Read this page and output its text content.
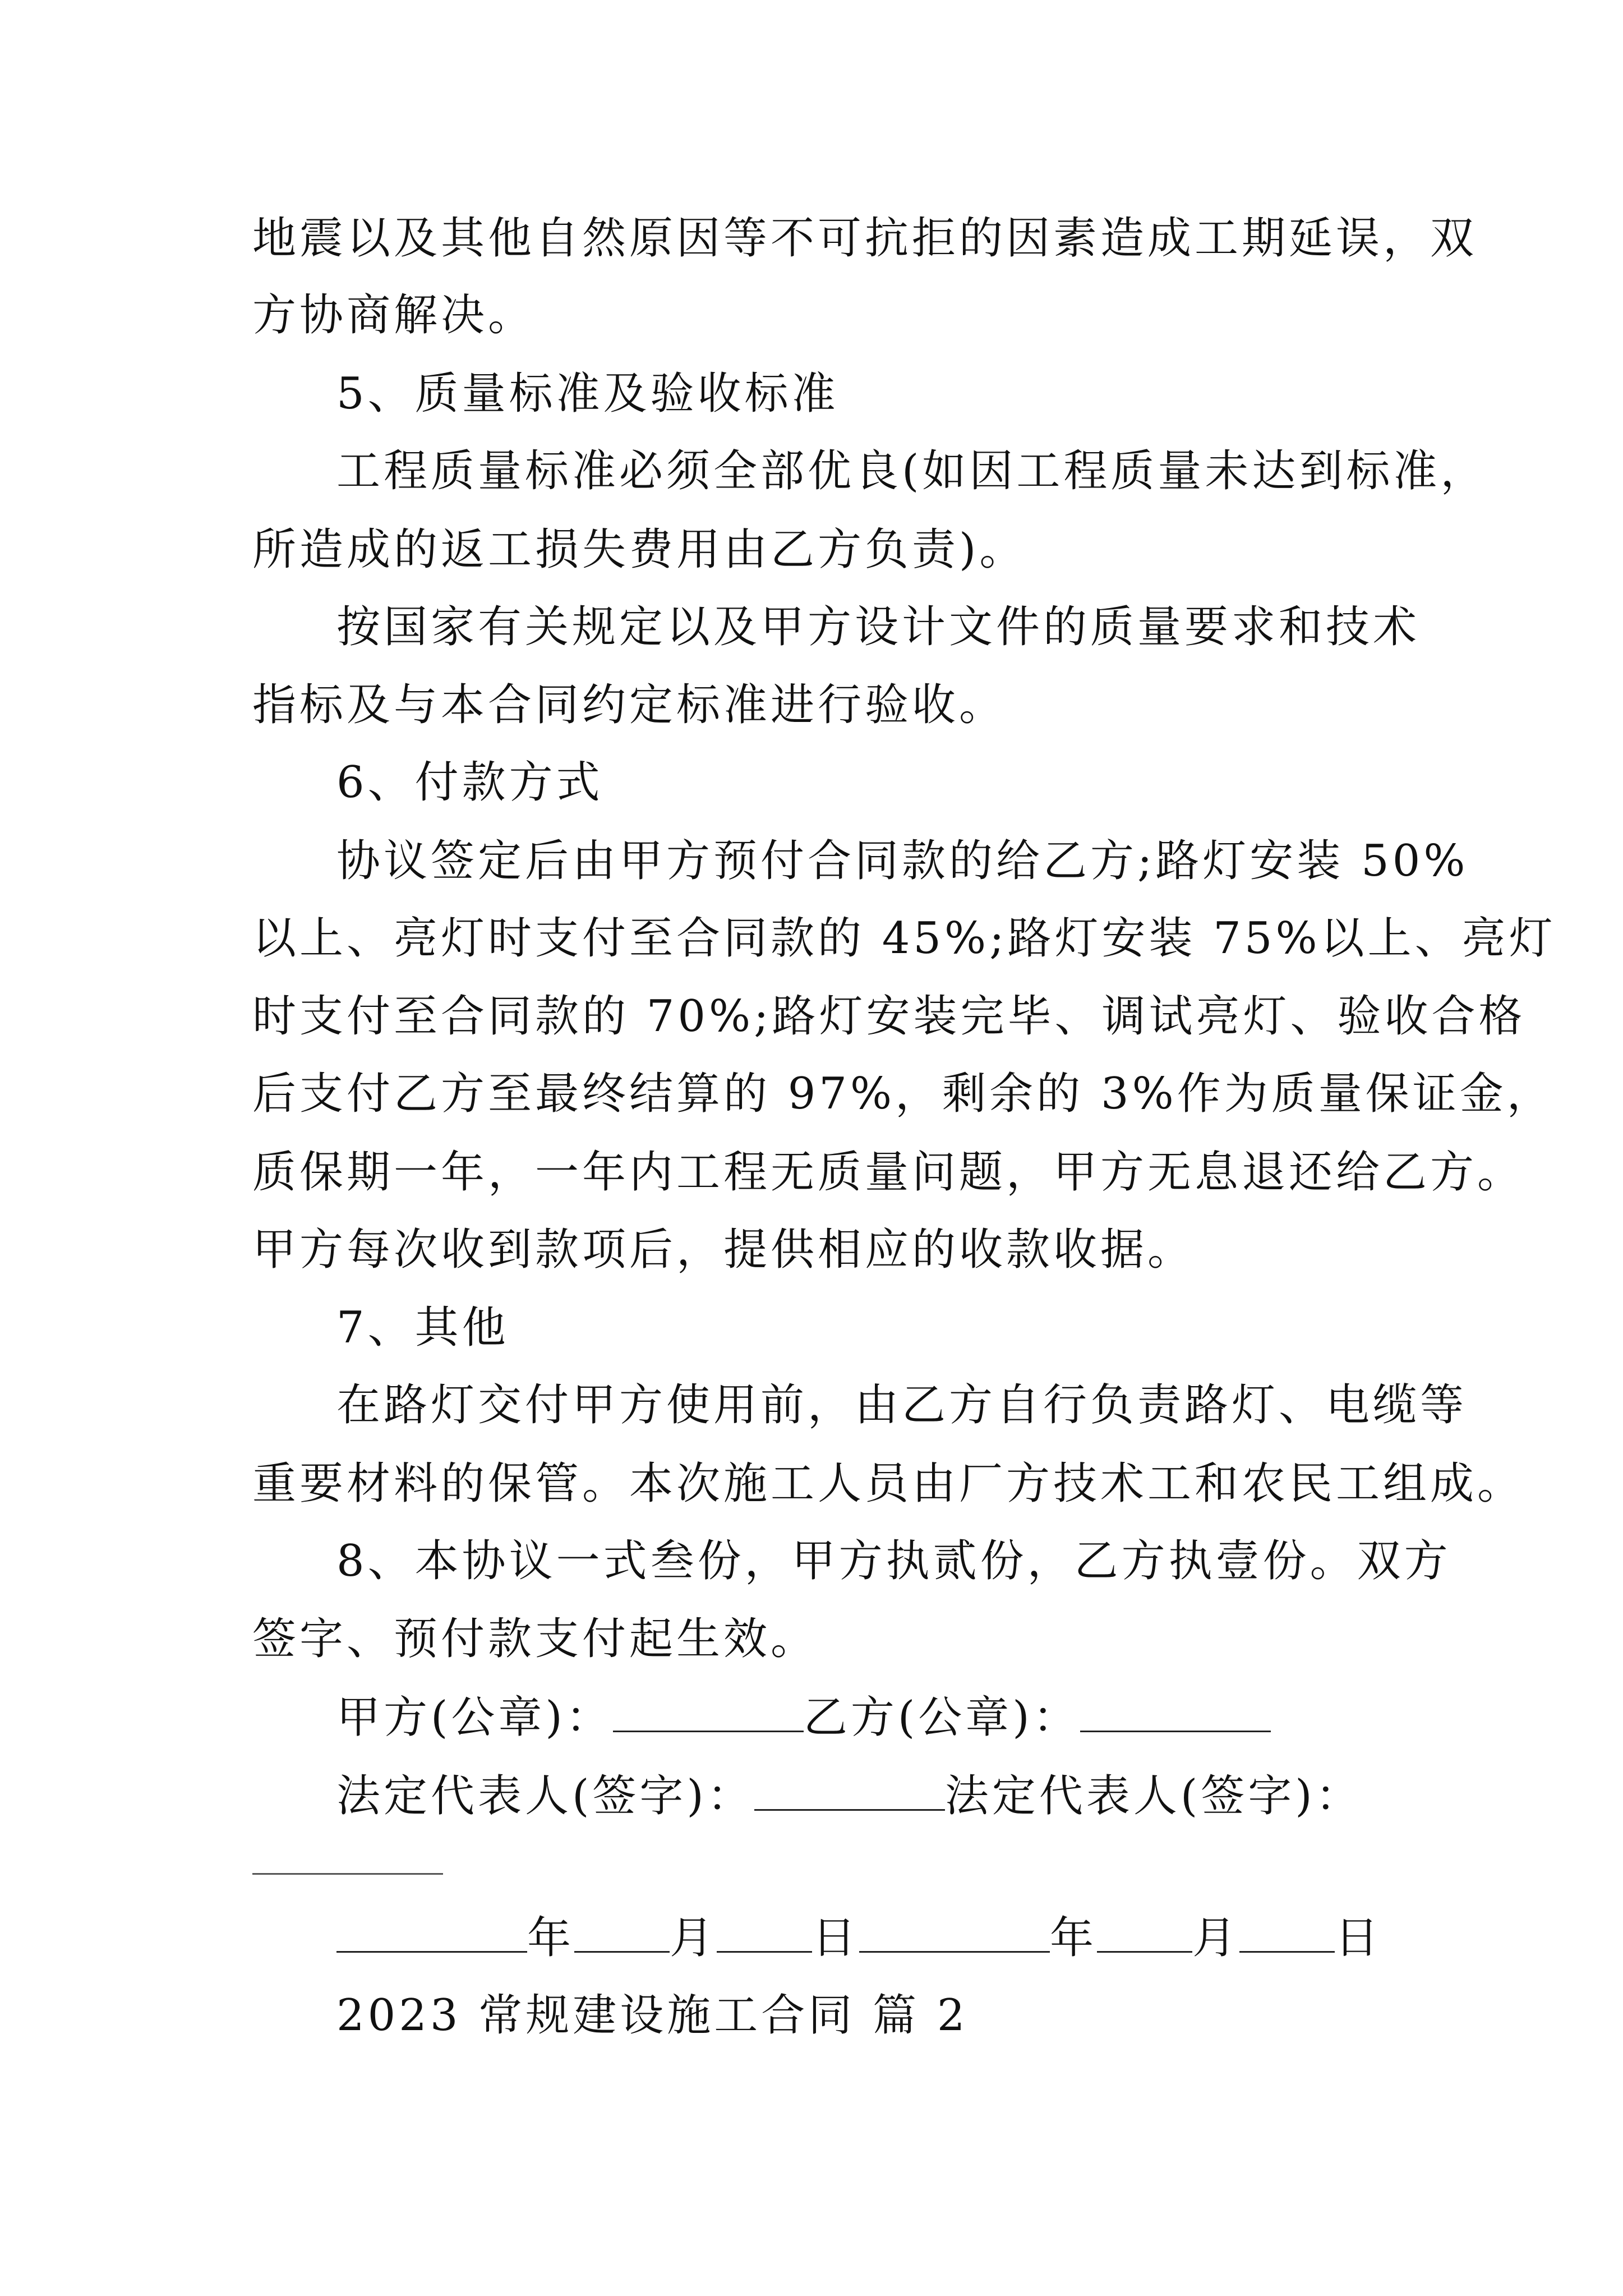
地震以及其他自然原因等不可抗拒的因素造成工期延误，双
方协商解决。
5、质量标准及验收标准
工程质量标准必须全部优良(如因工程质量未达到标准，
所造成的返工损失费用由乙方负责)。
按国家有关规定以及甲方设计文件的质量要求和技术
指标及与本合同约定标准进行验收。
6、付款方式
协议签定后由甲方预付合同款的给乙方;路灯安装 50%
以上、亮灯时支付至合同款的 45%;路灯安装 75%以上、亮灯
时支付至合同款的 70%;路灯安装完毕、调试亮灯、验收合格
后支付乙方至最终结算的 97%，剩余的 3%作为质量保证金，
质保期一年，一年内工程无质量问题，甲方无息退还给乙方。
甲方每次收到款项后，提供相应的收款收据。
7、其他
在路灯交付甲方使用前，由乙方自行负责路灯、电缆等
重要材料的保管。本次施工人员由厂方技术工和农民工组成。
8、本协议一式叁份，甲方执贰份，乙方执壹份。双方
签字、预付款支付起生效。
甲方(公章)：	乙方(公章)：
法定代表人(签字)：	法定代表人(签字)：
年 月 日	年 月 日
2023 常规建设施工合同 篇 2
